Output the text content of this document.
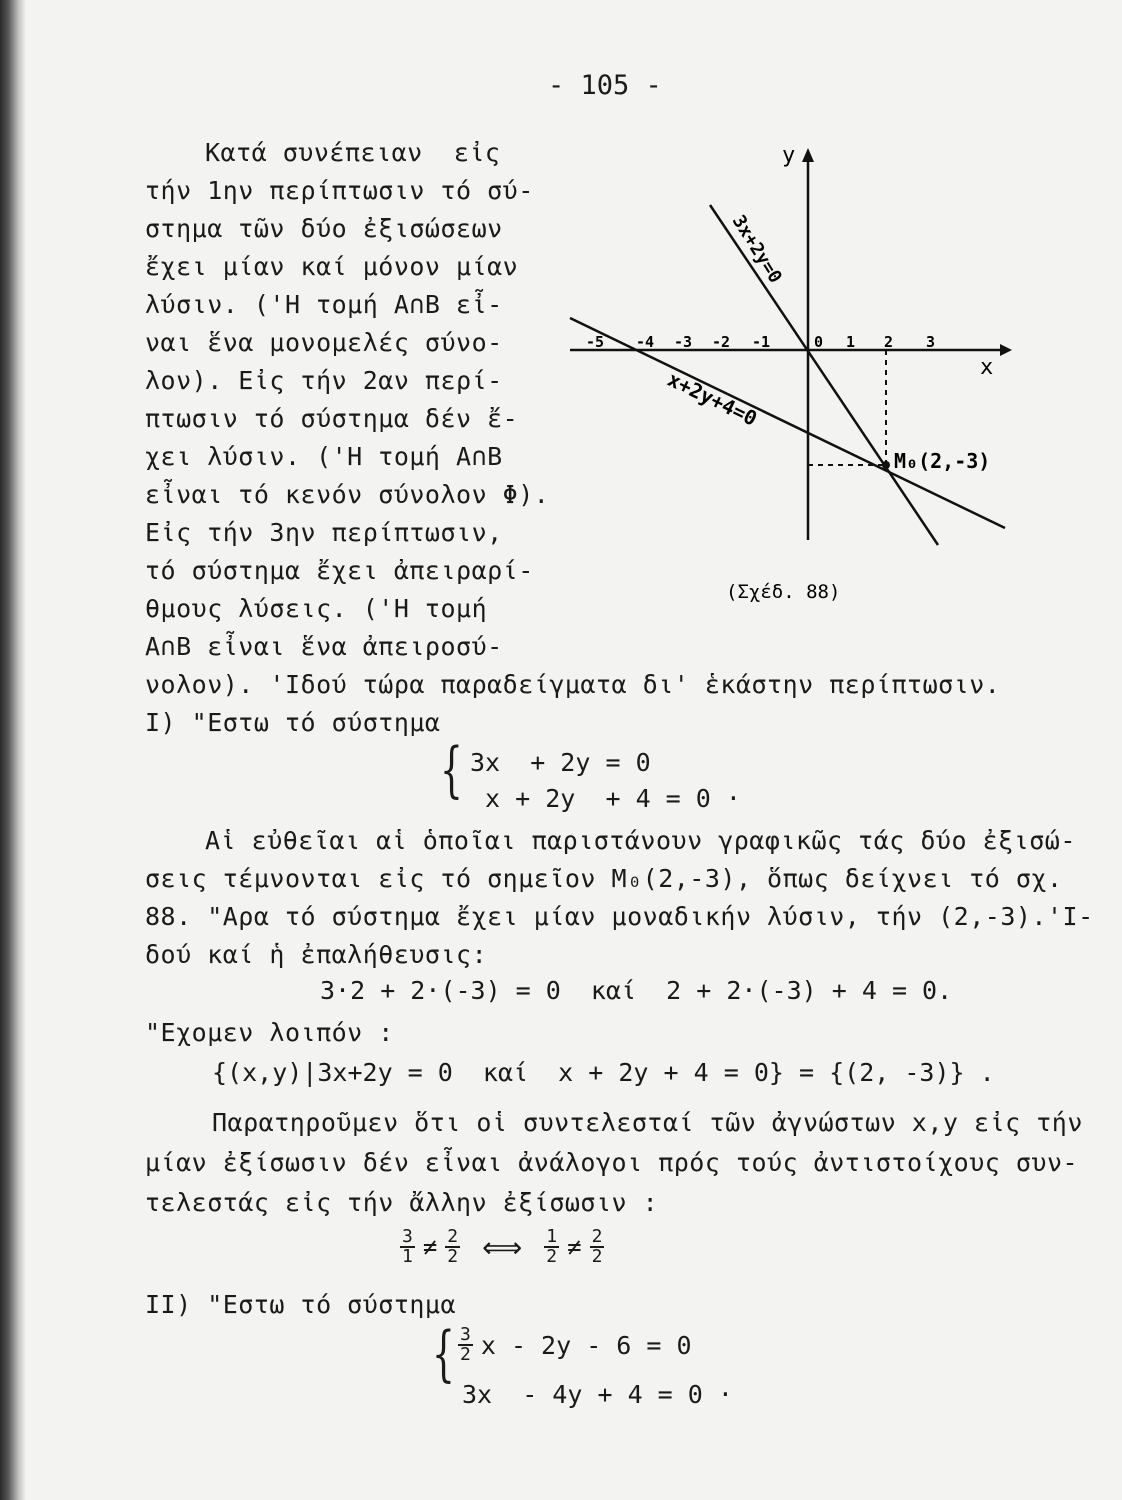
- 105 -
Κατά συνέπειαν  εἰς
τήν 1ην περίπτωσιν τό σύ-
στημα τῶν δύο ἐξισώσεων
ἔχει μίαν καί μόνον μίαν
λύσιν. ('Η τομή Α∩Β εἶ-
ναι ἕνα μονομελές σύνο-
λον). Εἰς τήν 2αν περί-
πτωσιν τό σύστημα δέν ἔ-
χει λύσιν. ('Η τομή Α∩Β
εἶναι τό κενόν σύνολον Φ).
Εἰς τήν 3ην περίπτωσιν,
τό σύστημα ἔχει ἀπειραρί-
θμους λύσεις. ('Η τομή
Α∩Β εἶναι ἕνα ἀπειροσύ-
y
x
-5 -4 -3 -2 -1	0 1 2 3
3x+2y=0
x+2y+4=0
M₀(2,-3)
(Σχέδ. 88)
νολον). 'Ιδού τώρα παραδείγματα δι' ἑκάστην περίπτωσιν.
I) "Εστω τό σύστημα
{ 3x  + 2y = 0
x + 2y  + 4 = 0 ·
Αἱ εὐθεῖαι αἱ ὁποῖαι παριστάνουν γραφικῶς τάς δύο ἐξισώ-
σεις τέμνονται εἰς τό σημεῖον Μ₀(2,-3), ὅπως δείχνει τό σχ.
88. "Αρα τό σύστημα ἔχει μίαν μοναδικήν λύσιν, τήν (2,-3).'Ι-
δού καί ἡ ἐπαλήθευσις:
3·2 + 2·(-3) = 0  καί  2 + 2·(-3) + 4 = 0.
"Εχομεν λοιπόν :
{(x,y)|3x+2y = 0  καί  x + 2y + 4 = 0} = {(2, -3)} .
Παρατηροῦμεν ὅτι οἱ συντελεσταί τῶν ἀγνώστων x,y εἰς τήν
μίαν ἐξίσωσιν δέν εἶναι ἀνάλογοι πρός τούς ἀντιστοίχους συν-
τελεστάς εἰς τήν ἄλλην ἐξίσωσιν :
$\frac{3}{1} \ne \frac{2}{2}$ ⟺ $\frac{1}{2} \ne \frac{2}{2}$
II) "Εστω τό σύστημα
{ $\frac{3}{2}$ x - 2y - 6 = 0
3x  - 4y + 4 = 0 ·
